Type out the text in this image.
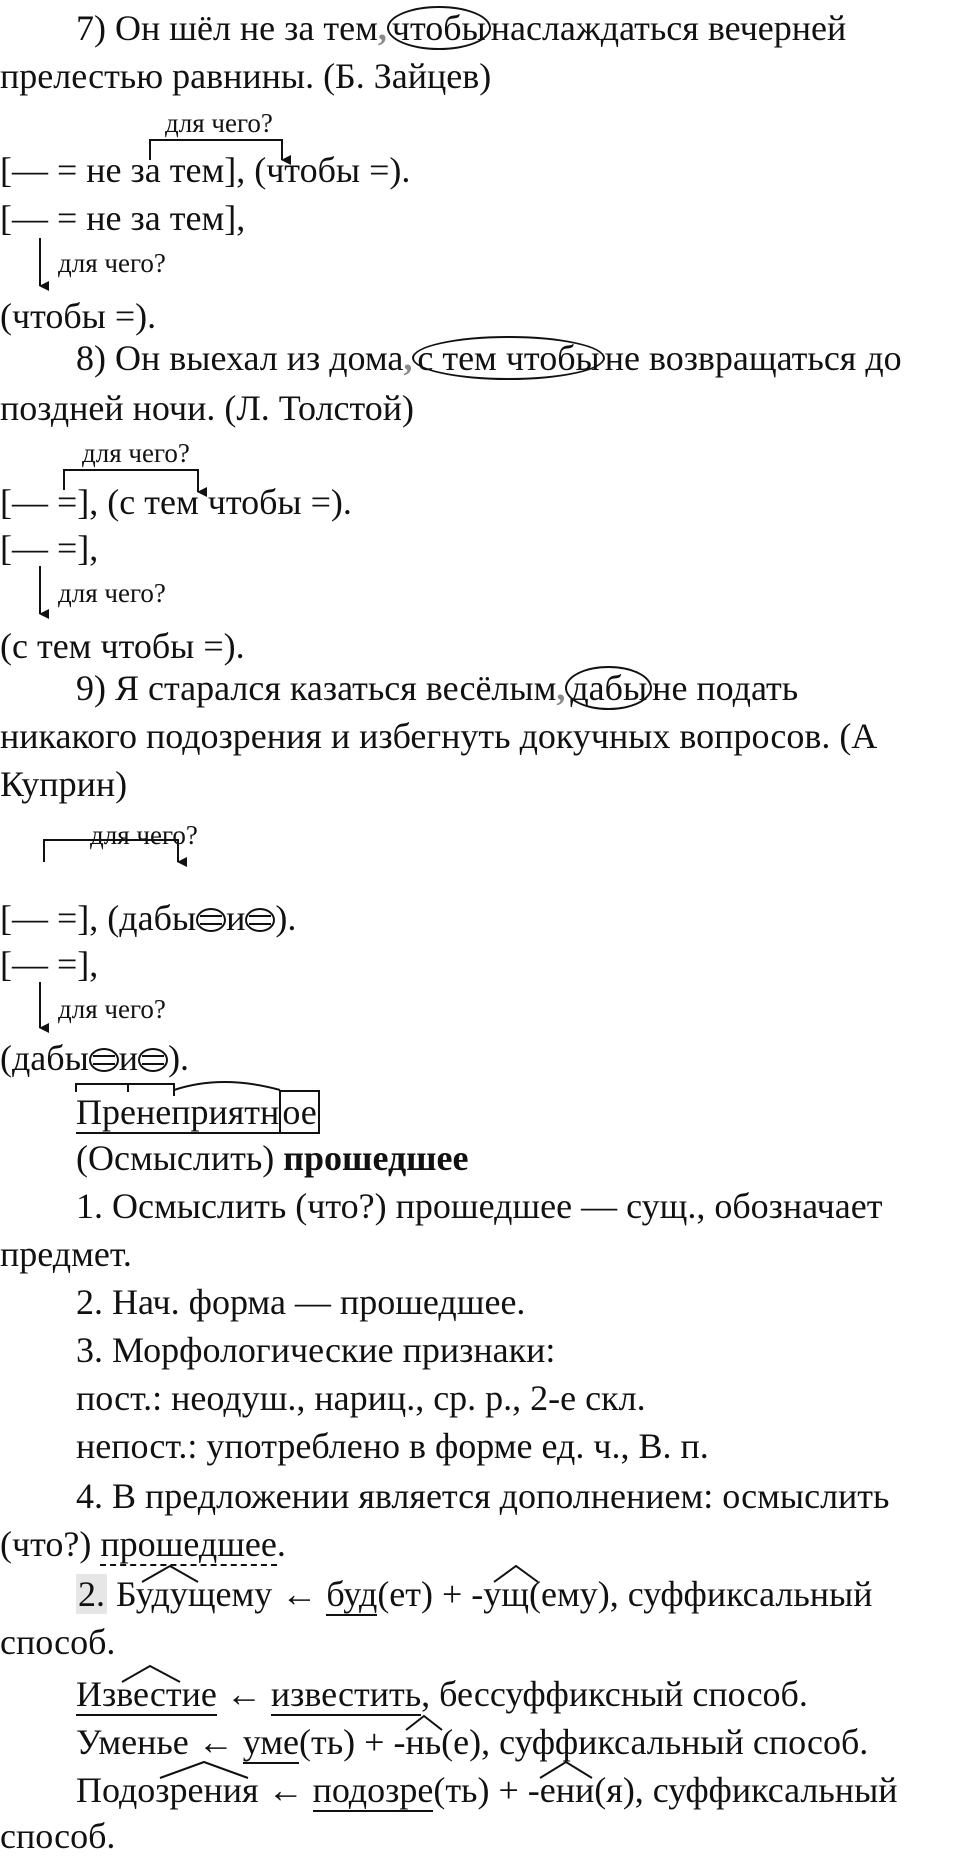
7) Он шёл не за тем, чтобы наслаждаться вечерней
прелестью равнины. (Б. Зайцев)
для чего?
[— = не за тем], (чтобы =).
[— = не за тем],
для чего?
(чтобы =).
8) Он выехал из дома, с тем чтобы не возвращаться до
поздней ночи. (Л. Толстой)
для чего?
[— =], (с тем чтобы =).
[— =],
для чего?
(с тем чтобы =).
9) Я старался казаться весёлым, дабы не подать
никакого подозрения и избегнуть докучных вопросов. (А
Куприн)
для чего?
[— =], (дабы и ).
[— =],
для чего?
(дабы и ).
Пренеприятное
(Осмыслить) прошедшее
1. Осмыслить (что?) прошедшее — сущ., обозначает
предмет.
2. Нач. форма — прошедшее.
3. Морфологические признаки:
пост.: неодуш., нариц., ср. р., 2-е скл.
непост.: употреблено в форме ед. ч., В. п.
4. В предложении является дополнением: осмыслить
(что?) прошедшее.
2. Будущему ← буд(ет) + -ущ(ему), суффиксальный
способ.
Известие ← известить, бессуффиксный способ.
Уменье ← уме(ть) + -нь(е), суффиксальный способ.
Подозрения ← подозре(ть) + -ени(я), суффиксальный
способ.
